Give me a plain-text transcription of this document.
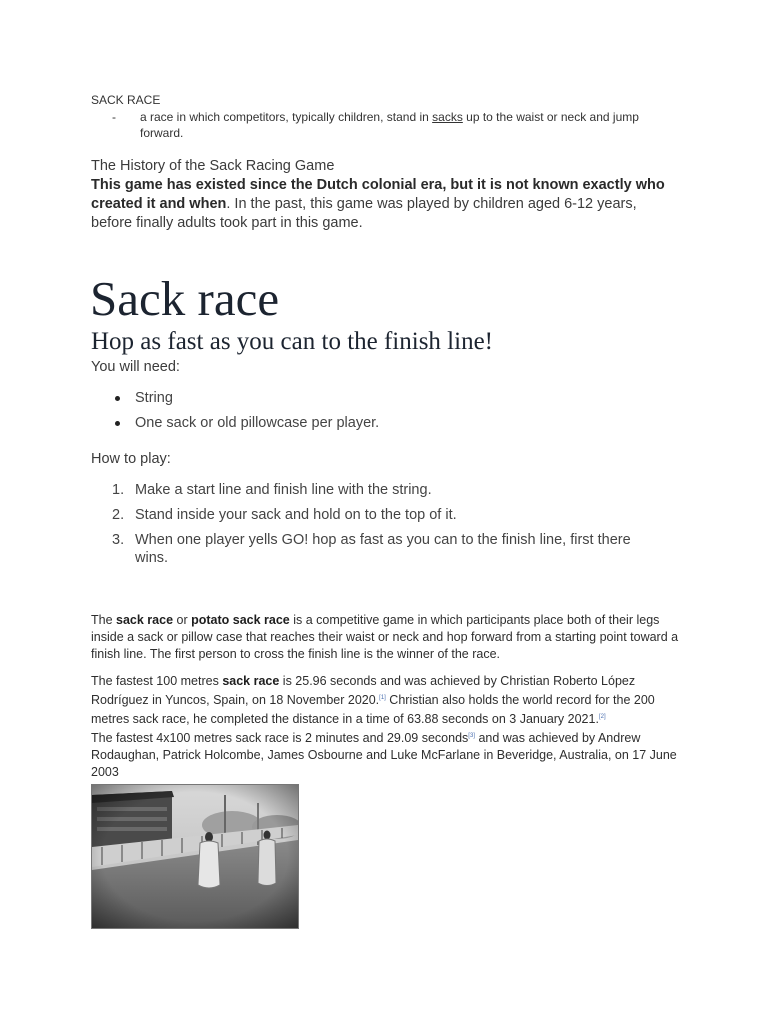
SACK RACE
- a race in which competitors, typically children, stand in sacks up to the waist or neck and jump forward.
The History of the Sack Racing Game
This game has existed since the Dutch colonial era, but it is not known exactly who created it and when. In the past, this game was played by children aged 6-12 years, before finally adults took part in this game.
Sack race
Hop as fast as you can to the finish line!
You will need:
String
One sack or old pillowcase per player.
How to play:
1. Make a start line and finish line with the string.
2. Stand inside your sack and hold on to the top of it.
3. When one player yells GO! hop as fast as you can to the finish line, first there wins.
The sack race or potato sack race is a competitive game in which participants place both of their legs inside a sack or pillow case that reaches their waist or neck and hop forward from a starting point toward a finish line. The first person to cross the finish line is the winner of the race.
The fastest 100 metres sack race is 25.96 seconds and was achieved by Christian Roberto López Rodríguez in Yuncos, Spain, on 18 November 2020.[1] Christian also holds the world record for the 200 metres sack race, he completed the distance in a time of 63.88 seconds on 3 January 2021.[2]
The fastest 4x100 metres sack race is 2 minutes and 29.09 seconds[3] and was achieved by Andrew Rodaughan, Patrick Holcombe, James Osbourne and Luke McFarlane in Beveridge, Australia, on 17 June 2003
